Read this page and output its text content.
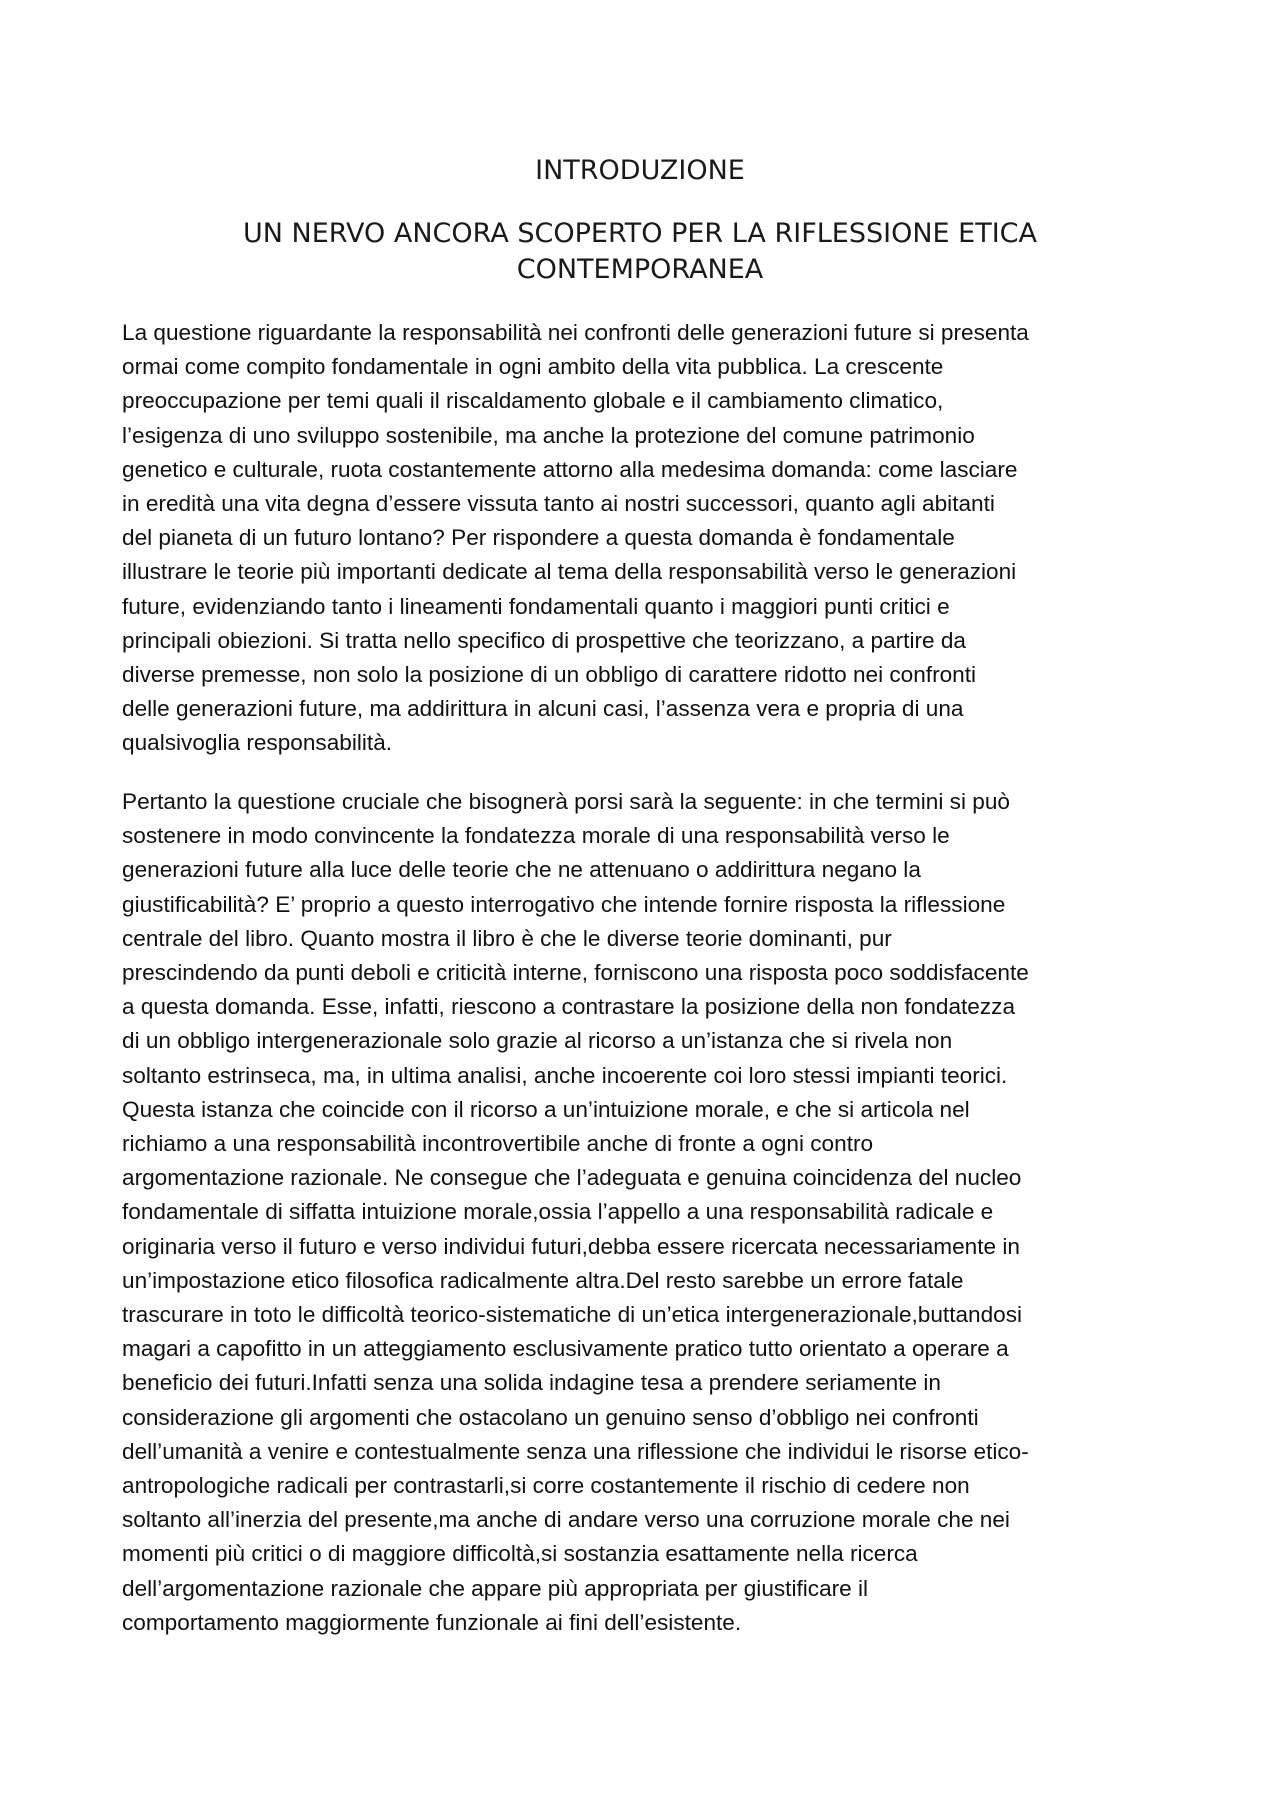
INTRODUZIONE
UN NERVO ANCORA SCOPERTO PER LA RIFLESSIONE ETICA
CONTEMPORANEA
La questione riguardante la responsabilità nei confronti delle generazioni future si presenta
ormai come compito fondamentale in ogni ambito della vita pubblica. La crescente
preoccupazione per temi quali il riscaldamento globale e il cambiamento climatico,
l’esigenza di uno sviluppo sostenibile, ma anche la protezione del comune patrimonio
genetico e culturale, ruota costantemente attorno alla medesima domanda: come lasciare
in eredità una vita degna d’essere vissuta tanto ai nostri successori, quanto agli abitanti
del pianeta di un futuro lontano? Per rispondere a questa domanda è fondamentale
illustrare le teorie più importanti dedicate al tema della responsabilità verso le generazioni
future, evidenziando tanto i lineamenti fondamentali quanto i maggiori punti critici e
principali obiezioni. Si tratta nello specifico di prospettive che teorizzano, a partire da
diverse premesse, non solo la posizione di un obbligo di carattere ridotto nei confronti
delle generazioni future, ma addirittura in alcuni casi, l’assenza vera e propria di una
qualsivoglia responsabilità.
Pertanto la questione cruciale che bisognerà porsi sarà la seguente: in che termini si può
sostenere in modo convincente la fondatezza morale di una responsabilità verso le
generazioni future alla luce delle teorie che ne attenuano o addirittura negano la
giustificabilità? E’ proprio a questo interrogativo che intende fornire risposta la riflessione
centrale del libro. Quanto mostra il libro è che le diverse teorie dominanti, pur
prescindendo da punti deboli e criticità interne, forniscono una risposta poco soddisfacente
a questa domanda. Esse, infatti, riescono a contrastare la posizione della non fondatezza
di un obbligo intergenerazionale solo grazie al ricorso a un’istanza che si rivela non
soltanto estrinseca, ma, in ultima analisi, anche incoerente coi loro stessi impianti teorici.
Questa istanza che coincide con il ricorso a un’intuizione morale, e che si articola nel
richiamo a una responsabilità incontrovertibile anche di fronte a ogni contro
argomentazione razionale. Ne consegue che l’adeguata e genuina coincidenza del nucleo
fondamentale di siffatta intuizione morale,ossia l’appello a una responsabilità radicale e
originaria verso il futuro e verso individui futuri,debba essere ricercata necessariamente in
un’impostazione etico filosofica radicalmente altra.Del resto sarebbe un errore fatale
trascurare in toto le difficoltà teorico-sistematiche di un’etica intergenerazionale,buttandosi
magari a capofitto in un atteggiamento esclusivamente pratico tutto orientato a operare a
beneficio dei futuri.Infatti senza una solida indagine tesa a prendere seriamente in
considerazione gli argomenti che ostacolano un genuino senso d’obbligo nei confronti
dell’umanità a venire e contestualmente senza una riflessione che individui le risorse etico-
antropologiche radicali per contrastarli,si corre costantemente il rischio di cedere non
soltanto all’inerzia del presente,ma anche di andare verso una corruzione morale che nei
momenti più critici o di maggiore difficoltà,si sostanzia esattamente nella ricerca
dell’argomentazione razionale che appare più appropriata per giustificare il
comportamento maggiormente funzionale ai fini dell’esistente.
